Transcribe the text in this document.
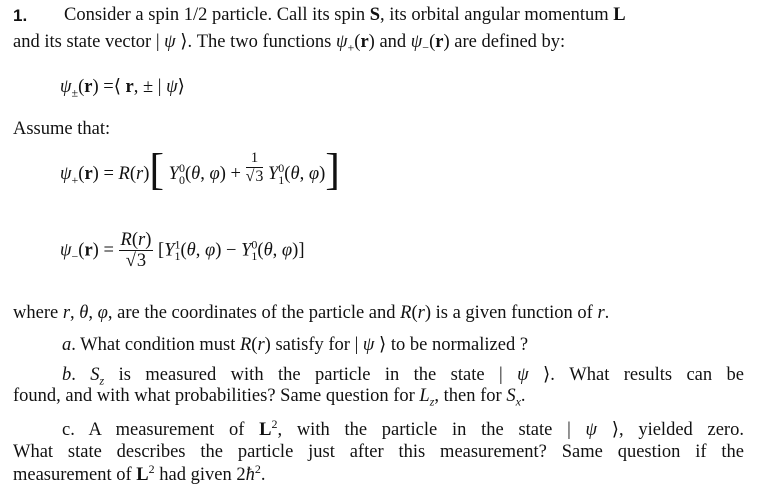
1. Consider a spin 1/2 particle. Call its spin S, its orbital angular momentum L
and its state vector | ψ ⟩. The two functions $\psi_+(r)$ and $\psi_-(r)$ are defined by:
$\psi_\pm(r)$ =⟨ r, ± | ψ⟩
Assume that:
$\psi_+(r) = R(r)$[ $Y^0_0(\theta$, $\varphi) + \frac{1}{√3} Y^0_1(\theta$, φ)]
$\psi_-(r) = \frac{R(r)}{√3} [Y^1_1(\theta$, $\varphi) - Y^0_1(\theta$, φ)]
where r, θ, φ, are the coordinates of the particle and R(r) is a given function of r.
a. What condition must R(r) satisfy for | ψ ⟩ to be normalized ?
b. $S_z$ is measured with the particle in the state | ψ ⟩. What results can be
found, and with what probabilities? Same question for $L_z$, then for $S_x$.
c. A measurement of $L^2$, with the particle in the state | ψ ⟩, yielded zero.
What state describes the particle just after this measurement? Same question if the
measurement of $L^2$ had given $2ħ^2$.
